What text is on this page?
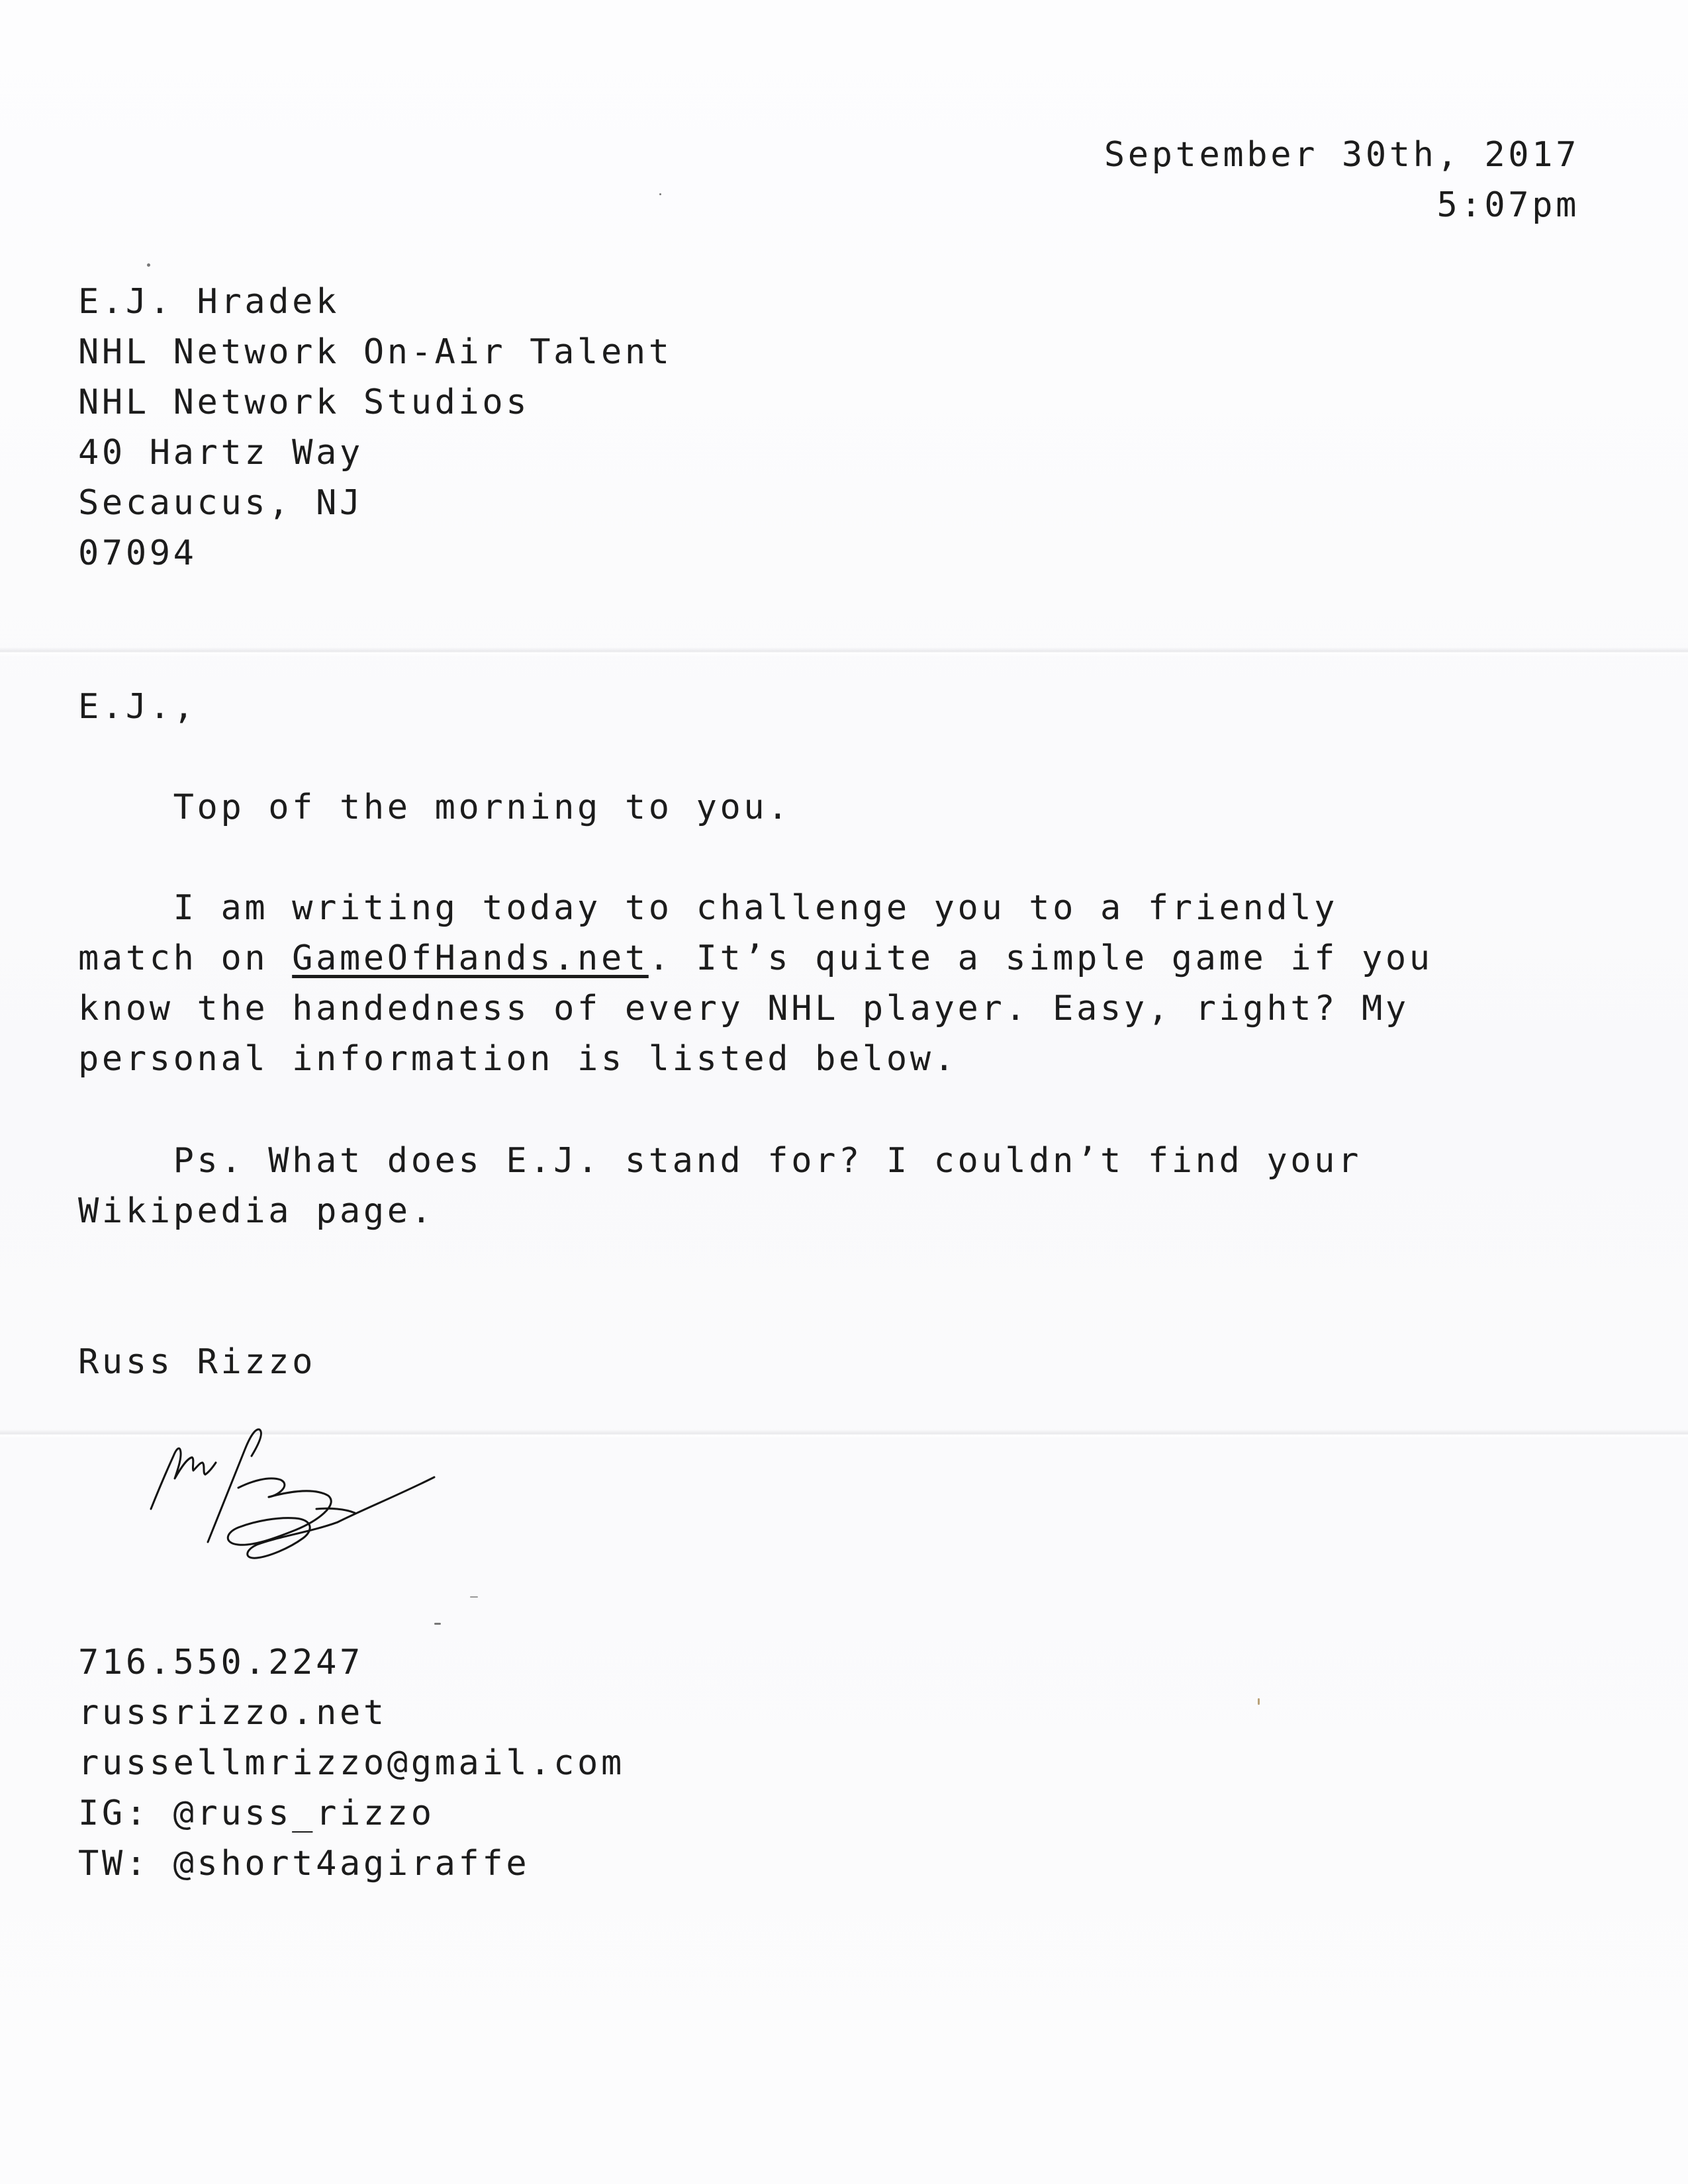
September 30th, 2017
5:07pm
E.J. Hradek
NHL Network On-Air Talent
NHL Network Studios
40 Hartz Way
Secaucus, NJ
07094
E.J.,
Top of the morning to you.
I am writing today to challenge you to a friendly
match on GameOfHands.net. It’s quite a simple game if you
know the handedness of every NHL player. Easy, right? My
personal information is listed below.
Ps. What does E.J. stand for? I couldn’t find your
Wikipedia page.
Russ Rizzo
716.550.2247
russrizzo.net
russellmrizzo@gmail.com
IG: @russ_rizzo
TW: @short4agiraffe
